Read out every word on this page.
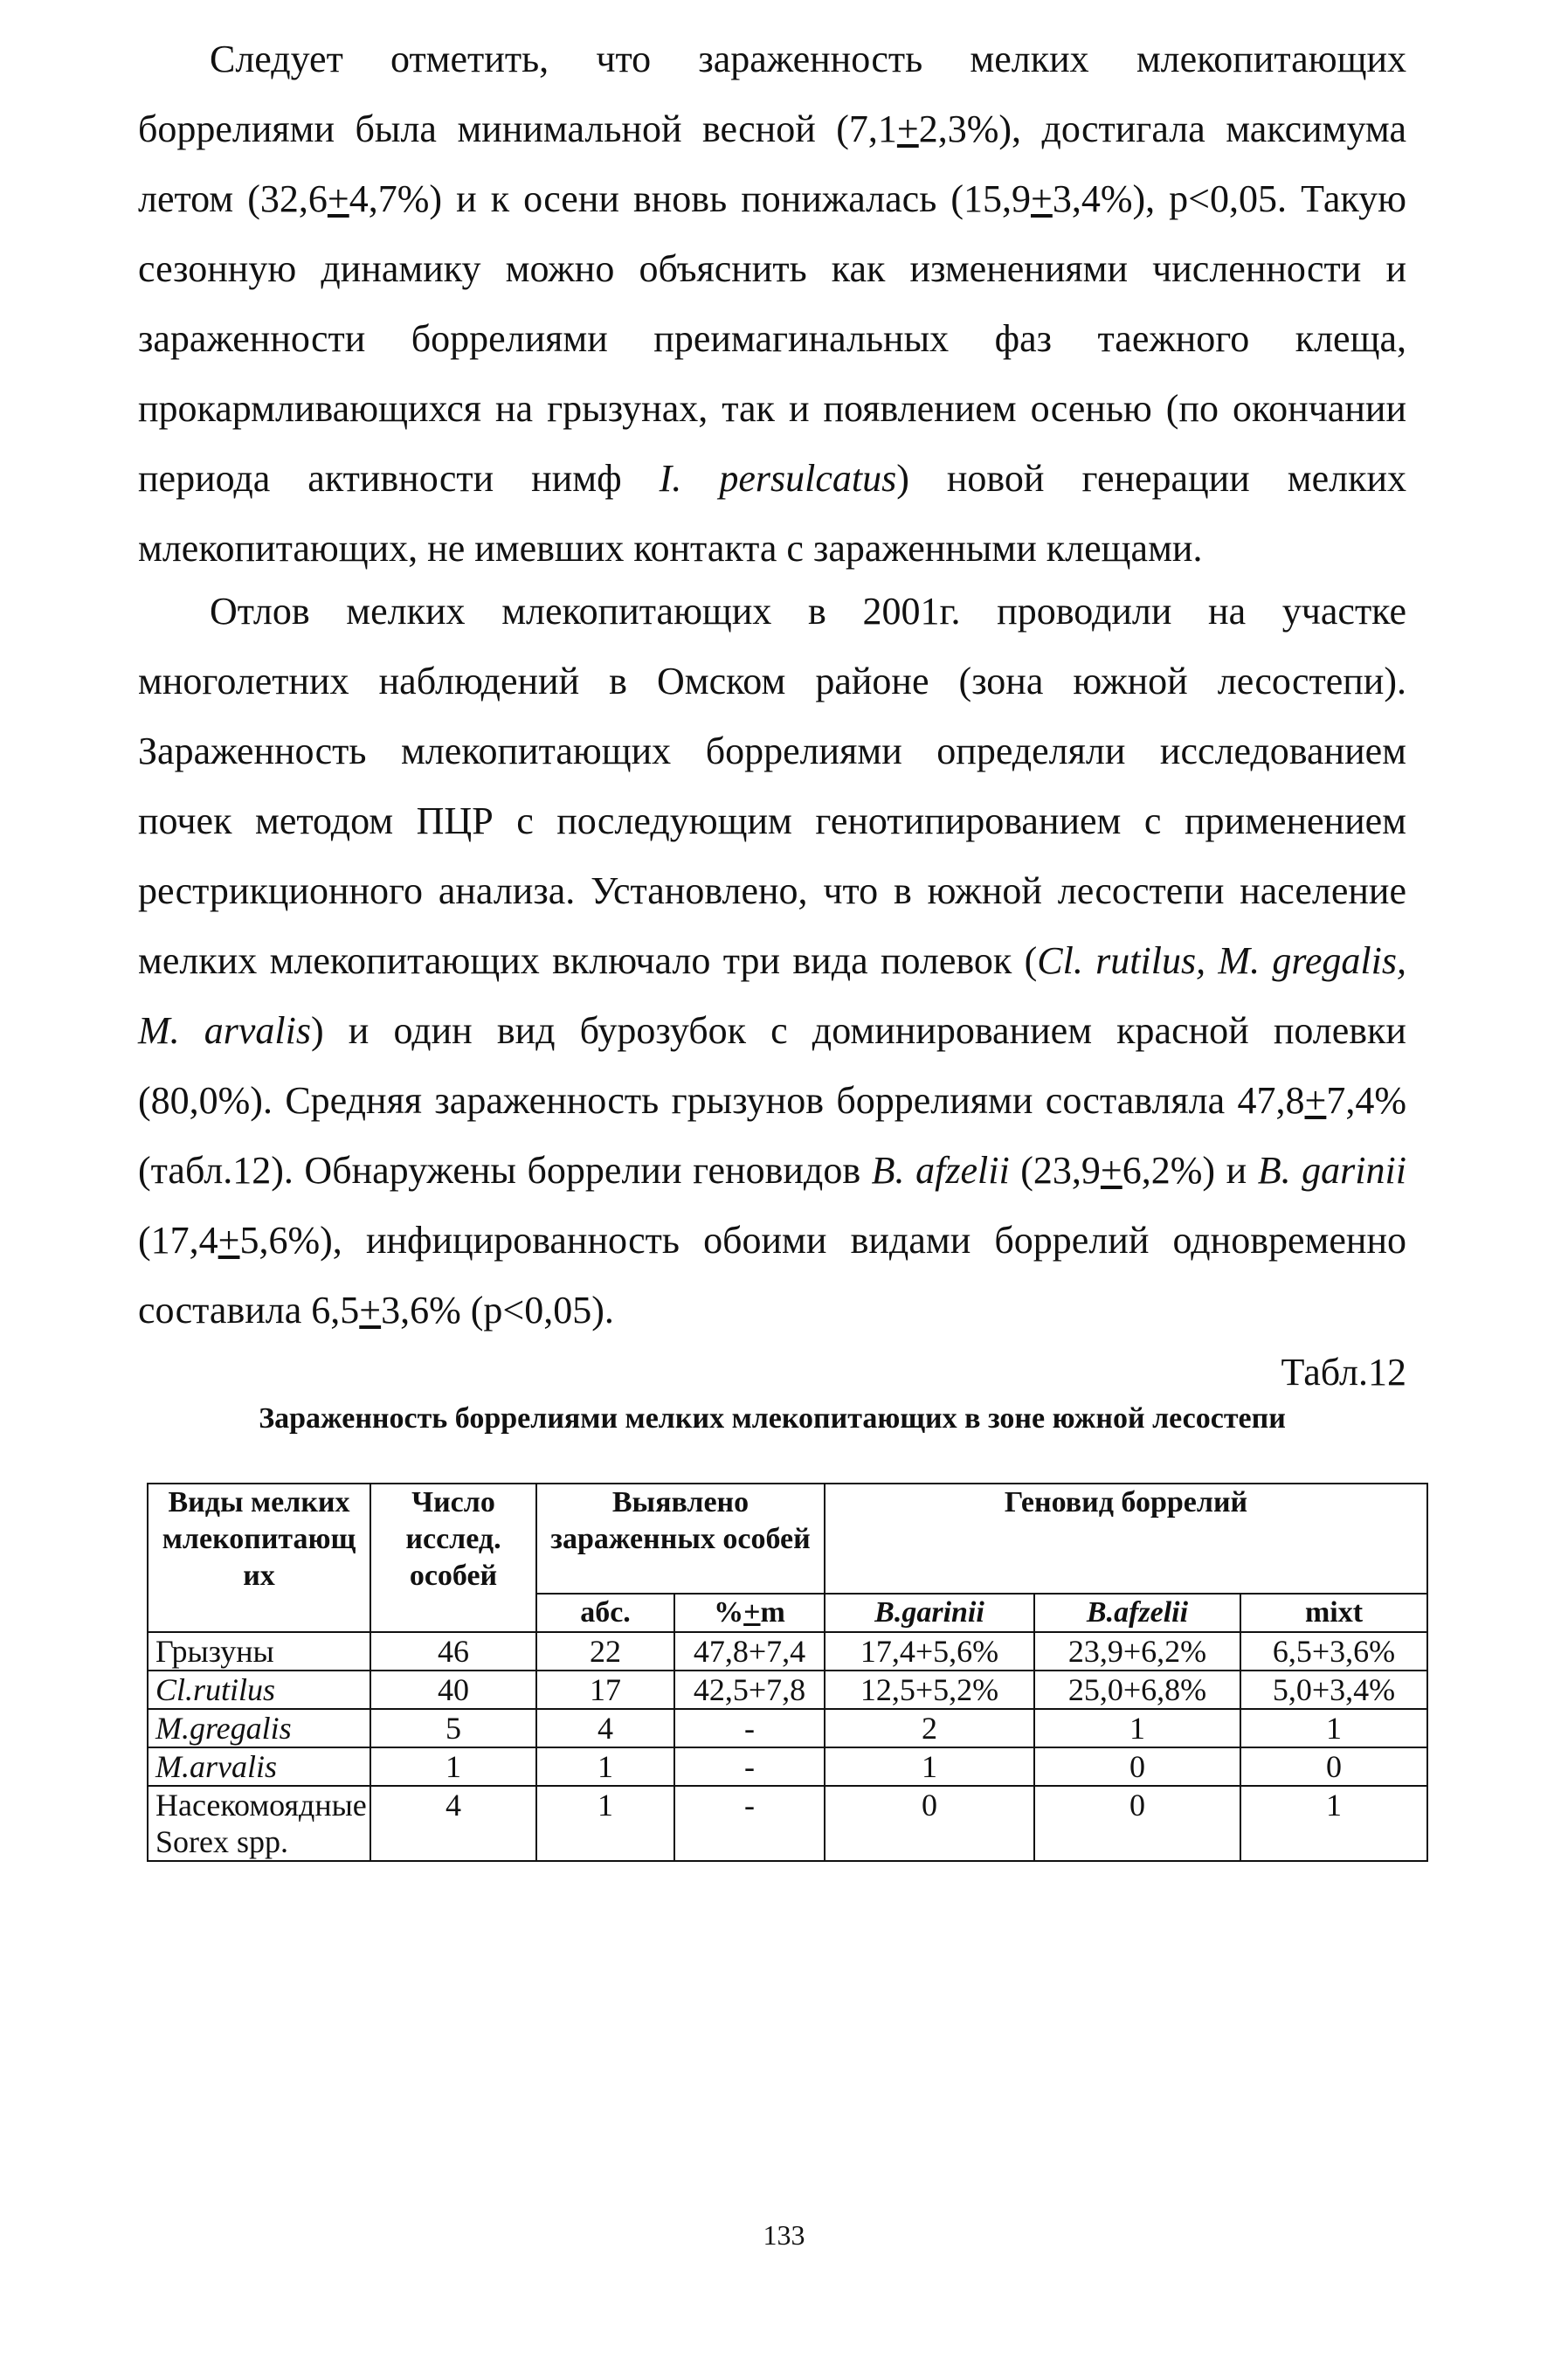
Следует отметить, что зараженность мелких млекопитающих боррелиями была минимальной весной (7,1+2,3%), достигала максимума летом (32,6+4,7%) и к осени вновь понижалась (15,9+3,4%), p<0,05. Такую сезонную динамику можно объяснить как изменениями численности и зараженности боррелиями преимагинальных фаз таежного клеща, прокармливающихся на грызунах, так и появлением осенью (по окончании периода активности нимф I. persulcatus) новой генерации мелких млекопитающих, не имевших контакта с зараженными клещами.

Отлов мелких млекопитающих в 2001г. проводили на участке многолетних наблюдений в Омском районе (зона южной лесостепи). Зараженность млекопитающих боррелиями определяли исследованием почек методом ПЦР с последующим генотипированием с применением рестрикционного анализа. Установлено, что в южной лесостепи население мелких млекопитающих включало три вида полевок (Cl. rutilus, M. gregalis, M. arvalis) и один вид бурозубок с доминированием красной полевки (80,0%). Средняя зараженность грызунов боррелиями составляла 47,8+7,4% (табл.12). Обнаружены боррелии геновидов B. afzelii (23,9+6,2%) и B. garinii (17,4+5,6%), инфицированность обоими видами боррелий одновременно составила 6,5+3,6% (p<0,05).

Табл.12
Зараженность боррелиями мелких млекопитающих в зоне южной лесостепи
Виды мелких млекопитающ их	Число исслед. особей	Выявлено зараженных особей		Геновид боррелий		
		абс.	%+m	B.garinii	B.afzelii	mixt
Грызуны	46	22	47,8+7,4	17,4+5,6%	23,9+6,2%	6,5+3,6%
Cl.rutilus	40	17	42,5+7,8	12,5+5,2%	25,0+6,8%	5,0+3,4%
M.gregalis	5	4	-	2	1	1
M.arvalis	1	1	-	1	0	0
Насекомоядные Sorex spp.	4	1	-	0	0	1
133
